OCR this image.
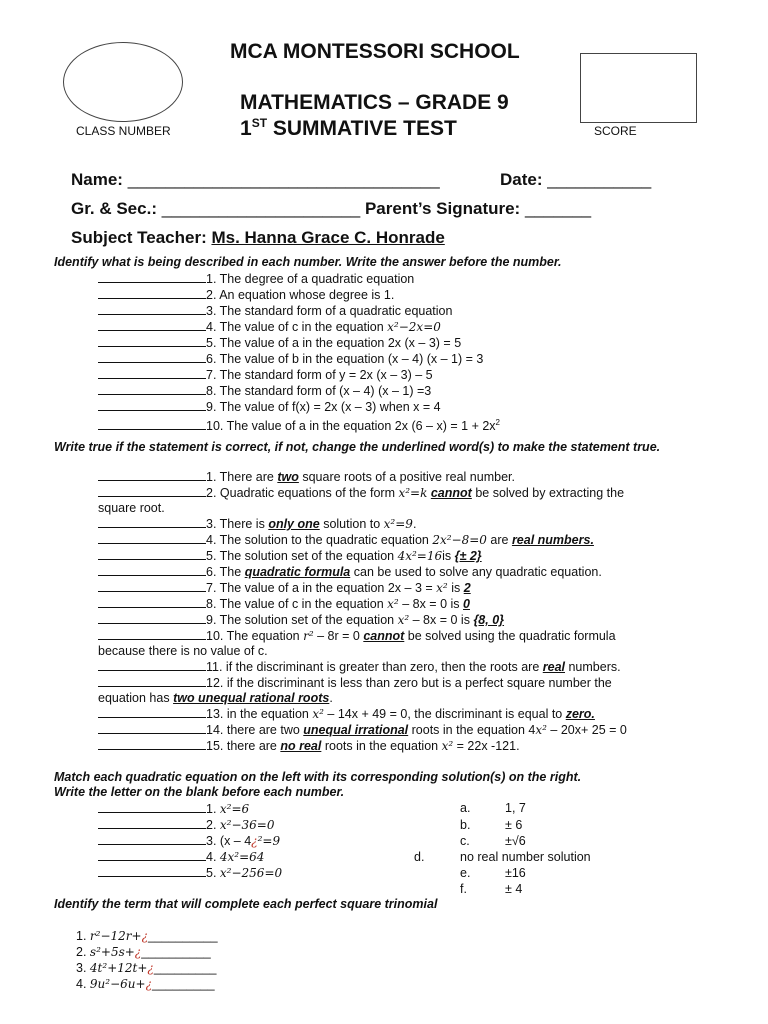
CLASS NUMBER	SCORE
MCA MONTESSORI SCHOOL
MATHEMATICS – GRADE 9
1ST SUMMATIVE TEST
Name: _________________________________	Date: ___________
Gr. & Sec.: _____________________ Parent’s Signature: _______
Subject Teacher: Ms. Hanna Grace C. Honrade
Identify what is being described in each number. Write the answer before the number.
1. The degree of a quadratic equation
2. An equation whose degree is 1.
3. The standard form of a quadratic equation
4. The value of c in the equation x²−2x=0
5. The value of a in the equation 2x (x – 3) = 5
6. The value of b in the equation (x – 4) (x – 1) = 3
7. The standard form of y = 2x (x – 3) – 5
8. The standard form of (x – 4) (x – 1) =3
9. The value of f(x) = 2x (x – 3) when x = 4
10. The value of a in the equation 2x $(6 - x) = 1 + 2x^2$
Write true if the statement is correct, if not, change the underlined word(s) to make the statement true.
1. There are two square roots of a positive real number.
2. Quadratic equations of the form x²=k cannot be solved by extracting the
square root.
3. There is only one solution to x²=9.
4. The solution to the quadratic equation 2x²−8=0 are real numbers.
5. The solution set of the equation 4x²=16is {± 2}
6. The quadratic formula can be used to solve any quadratic equation.
7. The value of a in the equation 2x – 3 = x² is 2
8. The value of c in the equation x² – 8x = 0 is 0
9. The solution set of the equation x² – 8x = 0 is {8, 0}
10. The equation r² – 8r = 0 cannot be solved using the quadratic formula
because there is no value of c.
11. if the discriminant is greater than zero, then the roots are real numbers.
12. if the discriminant is less than zero but is a perfect square number the
equation has two unequal rational roots.
13. in the equation x² – 14x + 49 = 0, the discriminant is equal to zero.
14. there are two unequal irrational roots in the equation 4x² – 20x+ 25 = 0
15. there are no real roots in the equation x² = 22x -121.
Match each quadratic equation on the left with its corresponding solution(s) on the right.
Write the letter on the blank before each number.
1. x²=6
2. x²−36=0
3. (x – 4¿²=9
4. 4x²=64
5. x²−256=0
a.	1, 7
b.	± 6
c.	±√6
d.	no real number solution
e.	±16
f.	± 4
Identify the term that will complete each perfect square trinomial
1. r²−12r+¿__________
2. s²+5s+¿__________
3. 4t²+12t+¿_________
4. 9u²−6u+¿_________
